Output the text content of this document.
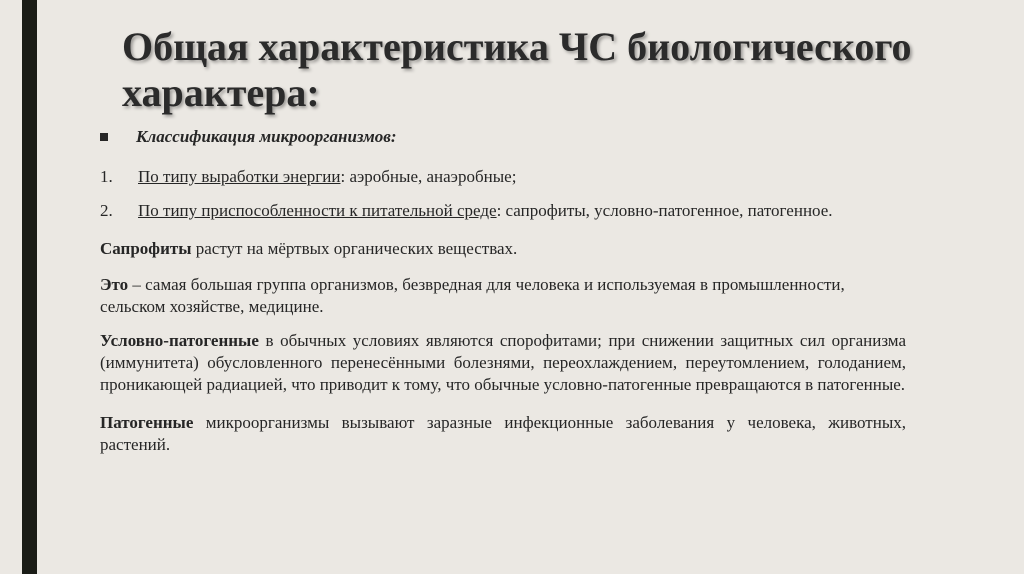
Общая характеристика ЧС биологического характера:
Классификация микроорганизмов:
1. По типу выработки энергии: аэробные, анаэробные;
2. По типу приспособленности к питательной среде: сапрофиты, условно-патогенное, патогенное.

Сапрофиты растут на мёртвых органических веществах.

Это – самая большая группа организмов, безвредная для человека и используемая в промышленности, сельском хозяйстве, медицине.

Условно-патогенные в обычных условиях являются спорофитами; при снижении защитных сил организма (иммунитета) обусловленного перенесёнными болезнями, переохлаждением, переутомлением, голоданием, проникающей радиацией, что приводит к тому, что обычные условно-патогенные превращаются в патогенные.

Патогенные микроорганизмы вызывают заразные инфекционные заболевания у человека, животных, растений.
